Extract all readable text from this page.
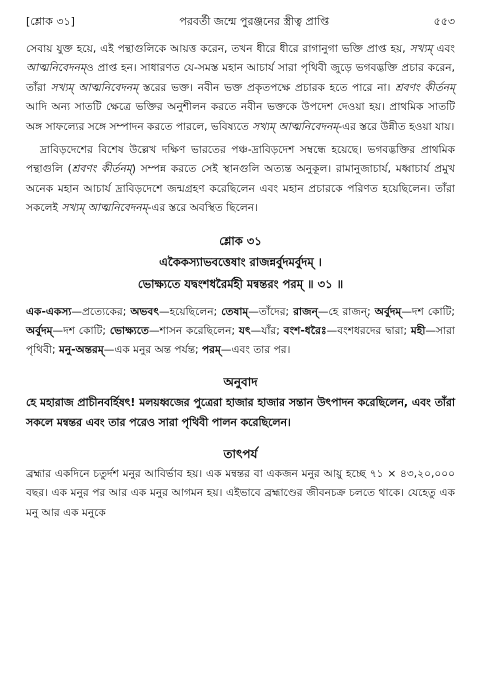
[শ্লোক ৩১]	পরবর্তী জন্মে পুরঞ্জনের স্ত্রীত্ব প্রাপ্তি	৫৫৩

সেবায় যুক্ত হয়ে, এই পন্থাগুলিকে আয়ত্ত করেন, তখন ধীরে ধীরে রাগানুগা ভক্তি প্রাপ্ত হয়, সখ্যম্ এবং আত্মনিবেদনম্ও প্রাপ্ত হন। সাধারণত যে-সমস্ত মহান আচার্য সারা পৃথিবী জুড়ে ভগবদ্ভক্তি প্রচার করেন, তাঁরা সখ্যম্ আত্মনিবেদনম্ স্তরের ভক্ত। নবীন ভক্ত প্রকৃতপক্ষে প্রচারক হতে পারে না। শ্রবণং কীর্তনম্ আদি অন্য সাতটি ক্ষেত্রে ভক্তির অনুশীলন করতে নবীন ভক্তকে উপদেশ দেওয়া হয়। প্রাথমিক সাতটি অঙ্গ সাফল্যের সঙ্গে সম্পাদন করতে পারলে, ভবিষ্যতে সখ্যম্ আত্মনিবেদনম্-এর স্তরে উন্নীত হওয়া যায়।

দ্রাবিড়দেশের বিশেষ উল্লেখ দক্ষিণ ভারতের পঞ্চ-দ্রাবিড়দেশ সম্বন্ধে হয়েছে। ভগবদ্ভক্তির প্রাথমিক পন্থাগুলি (শ্রবণং কীর্তনম্) সম্পন্ন করতে সেই স্থানগুলি অত্যন্ত অনুকূল। রামানুজাচার্য, মধ্বাচার্য প্রমুখ অনেক মহান আচার্য দ্রাবিড়দেশে জন্মগ্রহণ করেছিলেন এবং মহান প্রচারকে পরিণত হয়েছিলেন। তাঁরা সকলেই সখ্যম্ আত্মনিবেদনম্-এর স্তরে অবস্থিত ছিলেন।

শ্লোক ৩১
একৈকস্যাভবত্তেষাং রাজন্নর্বুদমর্বুদম্ ।
ভোক্ষ্যতে যদ্বংশধরৈর্মহী মন্বন্তরং পরম্ ॥ ৩১ ॥

এক-একস্য—প্রত্যেকের; অভবৎ—হয়েছিলেন; তেষাম্—তাঁদের; রাজন্—হে রাজন্; অর্বুদম্—দশ কোটি; অর্বুদম্—দশ কোটি; ভোক্ষ্যতে—শাসন করেছিলেন; যৎ—যাঁর; বংশ-ধরৈঃ—বংশধরদের দ্বারা; মহী—সারা পৃথিবী; মনু-অন্তরম্—এক মনুর অন্ত পর্যন্ত; পরম্—এবং তার পর।

অনুবাদ

হে মহারাজ প্রাচীনবর্হিষৎ! মলয়ধ্বজের পুত্রেরা হাজার হাজার সন্তান উৎপাদন করেছিলেন, এবং তাঁরা সকলে মন্বন্তর এবং তার পরেও সারা পৃথিবী পালন করেছিলেন।

তাৎপর্য

ব্রহ্মার একদিনে চতুর্দশ মনুর আবির্ভাব হয়। এক মন্বন্তর বা একজন মনুর আয়ু হচ্ছে ৭১ × ৪৩,২০,০০০ বছর। এক মনুর পর আর এক মনুর আগমন হয়। এইভাবে ব্রহ্মাণ্ডের জীবনচক্র চলতে থাকে। যেহেতু এক মনু আর এক মনুকে
